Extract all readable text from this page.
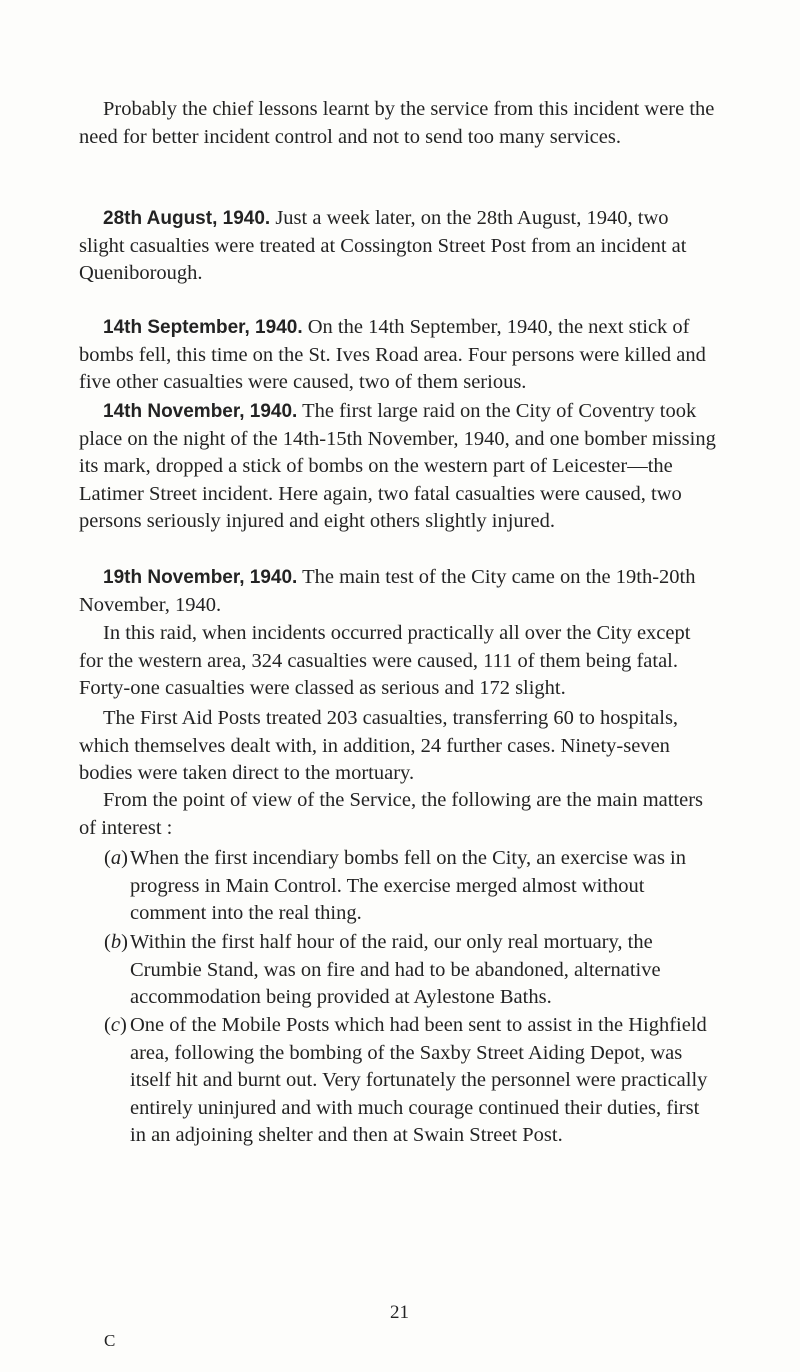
Probably the chief lessons learnt by the service from this incident were the need for better incident control and not to send too many services.

28th August, 1940. Just a week later, on the 28th August, 1940, two slight casualties were treated at Cossington Street Post from an incident at Queniborough.

14th September, 1940. On the 14th September, 1940, the next stick of bombs fell, this time on the St. Ives Road area. Four persons were killed and five other casualties were caused, two of them serious.

14th November, 1940. The first large raid on the City of Coventry took place on the night of the 14th-15th November, 1940, and one bomber missing its mark, dropped a stick of bombs on the western part of Leicester—the Latimer Street incident. Here again, two fatal casualties were caused, two persons seriously injured and eight others slightly injured.

19th November, 1940. The main test of the City came on the 19th-20th November, 1940.

In this raid, when incidents occurred practically all over the City except for the western area, 324 casualties were caused, 111 of them being fatal. Forty-one casualties were classed as serious and 172 slight.

The First Aid Posts treated 203 casualties, transferring 60 to hospitals, which themselves dealt with, in addition, 24 further cases. Ninety-seven bodies were taken direct to the mortuary.

From the point of view of the Service, the following are the main matters of interest :

(a) When the first incendiary bombs fell on the City, an exercise was in progress in Main Control. The exercise merged almost without comment into the real thing.
(b) Within the first half hour of the raid, our only real mortuary, the Crumbie Stand, was on fire and had to be abandoned, alternative accommodation being provided at Aylestone Baths.
(c) One of the Mobile Posts which had been sent to assist in the Highfield area, following the bombing of the Saxby Street Aiding Depot, was itself hit and burnt out. Very fortunately the personnel were practically entirely uninjured and with much courage continued their duties, first in an adjoining shelter and then at Swain Street Post.
21
C
